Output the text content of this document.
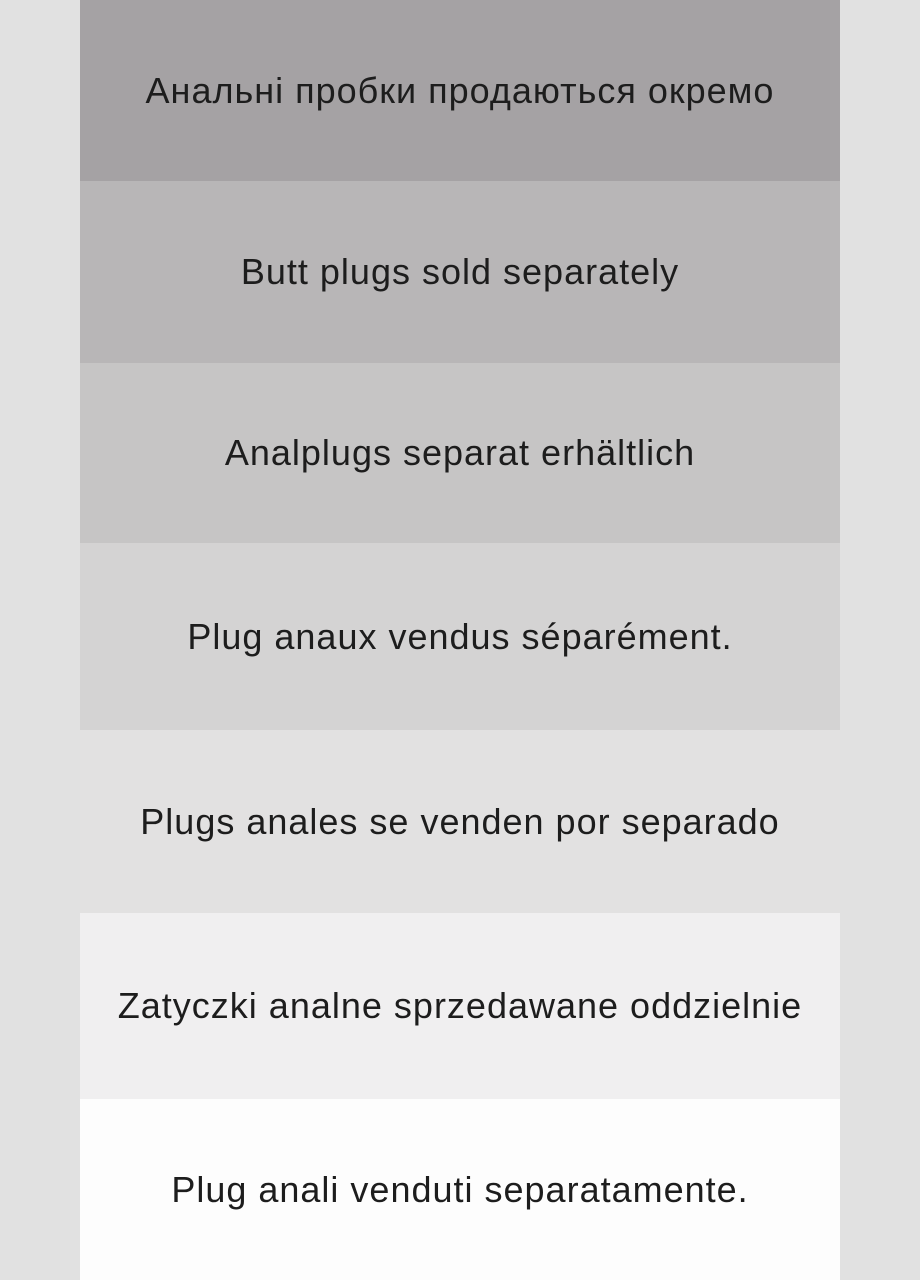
Анальні пробки продаються окремо
Butt plugs sold separately
Analplugs separat erhältlich
Plug anaux vendus séparément.
Plugs anales se venden por separado
Zatyczki analne sprzedawane oddzielnie
Plug anali venduti separatamente.
